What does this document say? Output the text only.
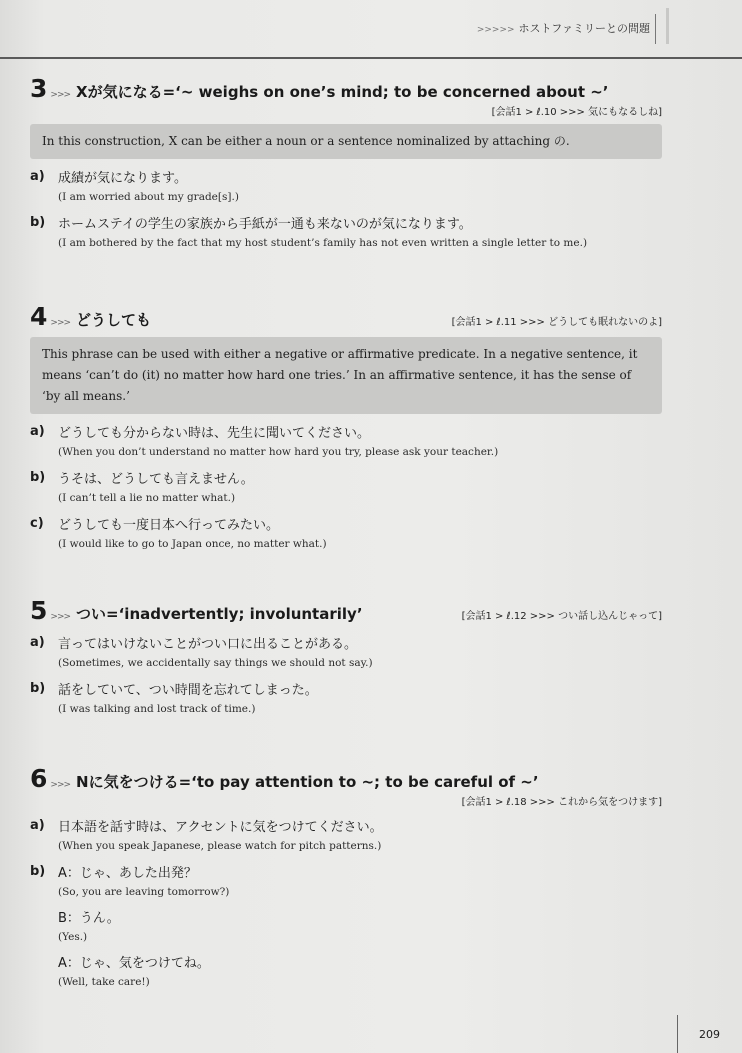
>>>>> ホストファミリーとの問題
3 >>> Xが気になる=‘~ weighs on one’s mind; to be concerned about ~’
[会話1 > ℓ.10 >>> 気にもなるしね]
In this construction, X can be either a noun or a sentence nominalized by attaching の.
a)	成績が気になります。
(I am worried about my grade[s].)
b) ホームステイの学生の家族から手紙が一通も来ないのが気になります。
(I am bothered by the fact that my host student’s family has not even written a single letter to me.)
4 >>> どうしても	[会話1 > ℓ.11 >>> どうしても眠れないのよ]
This phrase can be used with either a negative or affirmative predicate. In a negative sentence, it means ‘can’t do (it) no matter how hard one tries.’ In an affirmative sentence, it has the sense of ‘by all means.’
a)	どうしても分からない時は、先生に聞いてください。
(When you don’t understand no matter how hard you try, please ask your teacher.)
b) うそは、どうしても言えません。
(I can’t tell a lie no matter what.)
c)	どうしても一度日本へ行ってみたい。
(I would like to go to Japan once, no matter what.)
5 >>> つい=‘inadvertently; involuntarily’	[会話1 > ℓ.12 >>> つい話し込んじゃって]
a)	言ってはいけないことがつい口に出ることがある。
(Sometimes, we accidentally say things we should not say.)
b) 話をしていて、つい時間を忘れてしまった。
(I was talking and lost track of time.)
6 >>> Nに気をつける=‘to pay attention to ~; to be careful of ~’
[会話1 > ℓ.18 >>> これから気をつけます]
a)	日本語を話す時は、アクセントに気をつけてください。
(When you speak Japanese, please watch for pitch patterns.)
b) A：じゃ、あした出発？
(So, you are leaving tomorrow?)
B：うん。
(Yes.)
A：じゃ、気をつけてね。
(Well, take care!)
209
